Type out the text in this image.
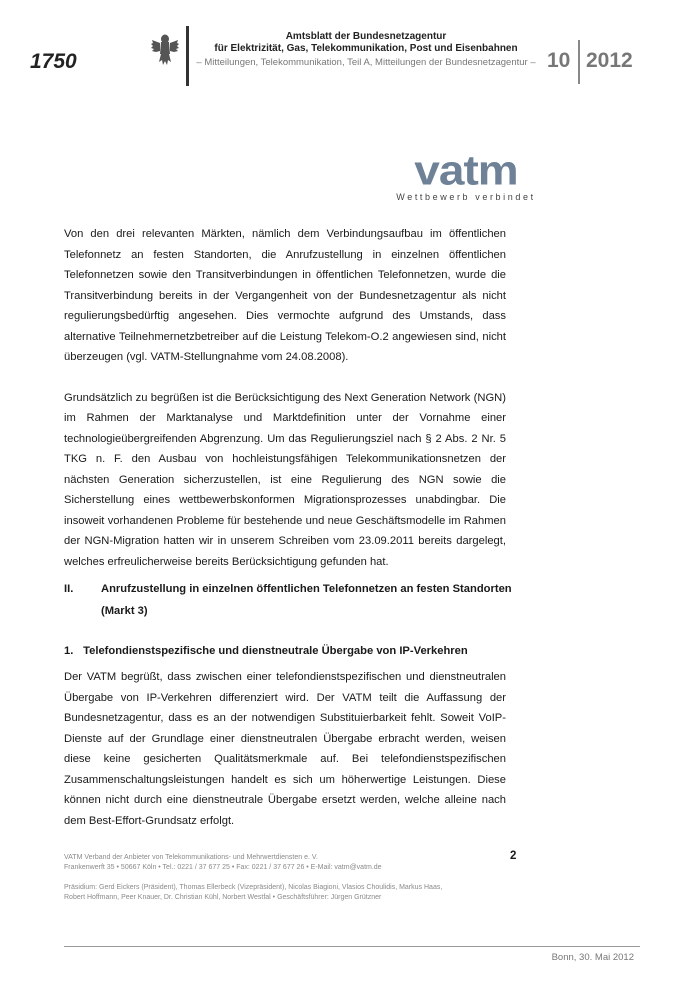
1750
Amtsblatt der Bundesnetzagentur
für Elektrizität, Gas, Telekommunikation, Post und Eisenbahnen
– Mitteilungen, Telekommunikation, Teil A, Mitteilungen der Bundesnetzagentur – 10 2012
vatm
Wettbewerb verbindet

Von den drei relevanten Märkten, nämlich dem Verbindungsaufbau im öffentlichen Telefonnetz an festen Standorten, die Anrufzustellung in einzelnen öffentlichen Telefonnetzen sowie den Transitverbindungen in öffentlichen Telefonnetzen, wurde die Transitverbindung bereits in der Vergangenheit von der Bundesnetzagentur als nicht regulierungsbedürftig angesehen. Dies vermochte aufgrund des Umstands, dass alternative Teilnehmernetzbetreiber auf die Leistung Telekom-O.2 angewiesen sind, nicht überzeugen (vgl. VATM-Stellungnahme vom 24.08.2008).

Grundsätzlich zu begrüßen ist die Berücksichtigung des Next Generation Network (NGN) im Rahmen der Marktanalyse und Marktdefinition unter der Vornahme einer technologieübergreifenden Abgrenzung. Um das Regulierungsziel nach § 2 Abs. 2 Nr. 5 TKG n. F. den Ausbau von hochleistungsfähigen Telekommunikationsnetzen der nächsten Generation sicherzustellen, ist eine Regulierung des NGN sowie die Sicherstellung eines wettbewerbskonformen Migrationsprozesses unabdingbar. Die insoweit vorhandenen Probleme für bestehende und neue Geschäftsmodelle im Rahmen der NGN-Migration hatten wir in unserem Schreiben vom 23.09.2011 bereits dargelegt, welches erfreulicherweise bereits Berücksichtigung gefunden hat.

II. Anrufzustellung in einzelnen öffentlichen Telefonnetzen an festen Standorten (Markt 3)
1. Telefondienstspezifische und dienstneutrale Übergabe von IP-Verkehren

Der VATM begrüßt, dass zwischen einer telefondienstspezifischen und dienstneutralen Übergabe von IP-Verkehren differenziert wird. Der VATM teilt die Auffassung der Bundesnetzagentur, dass es an der notwendigen Substituierbarkeit fehlt. Soweit VoIP-Dienste auf der Grundlage einer dienstneutralen Übergabe erbracht werden, weisen diese keine gesicherten Qualitätsmerkmale auf. Bei telefondienstspezifischen Zusammenschaltungsleistungen handelt es sich um höherwertige Leistungen. Diese können nicht durch eine dienstneutrale Übergabe ersetzt werden, welche alleine nach dem Best-Effort-Grundsatz erfolgt.

2
VATM Verband der Anbieter von Telekommunikations- und Mehrwertdiensten e. V.
Frankenwerft 35 • 50667 Köln • Tel.: 0221 / 37 677 25 • Fax: 0221 / 37 677 26 • E-Mail: vatm@vatm.de
Präsidium: Gerd Eickers (Präsident), Thomas Ellerbeck (Vizepräsident), Nicolas Biagioni, Vlasios Choulidis, Markus Haas,
Robert Hoffmann, Peer Knauer, Dr. Christian Kühl, Norbert Westfal • Geschäftsführer: Jürgen Grützner
Bonn, 30. Mai 2012
